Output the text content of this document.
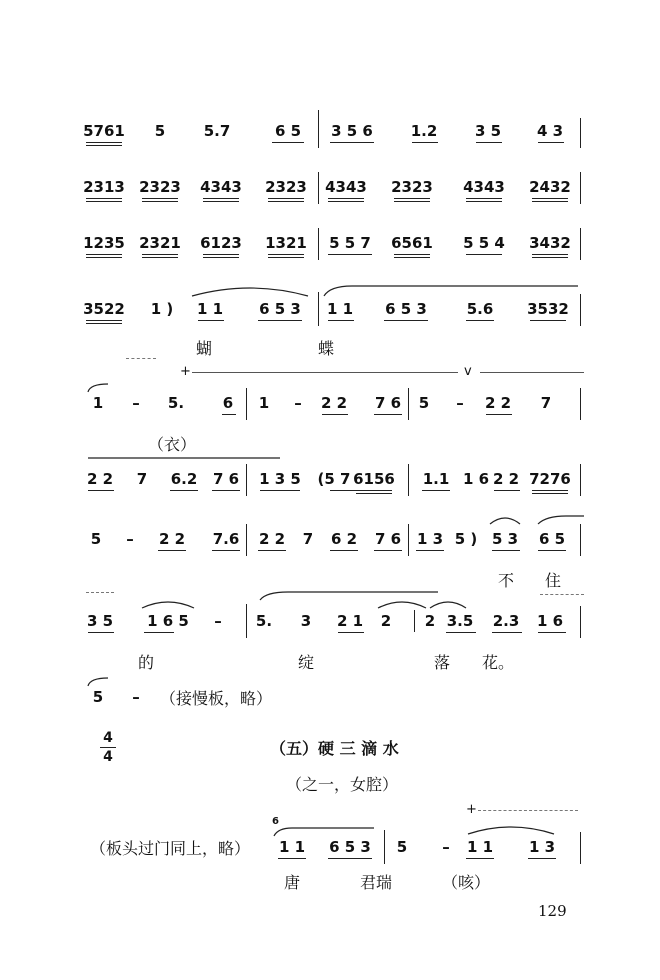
5761 5	5.7	6 5 3 5 6	1.2	3 5 4 3
2313 2323 4343 2323 4343 2323 4343 2432
1235 2321 6123 1321 5 5 7 6561 5 5 4 3432
3522 1 ) 1 1 6 5 3 1 1 6 5 3	5.6 3532
蝴	蝶
+	v
1 – 5.	6 1 – 2 2 7 6 5 – 2 2 7
（衣）
2 2 7 6.2 7 6 1 3 5 (5 7 6156 1.1 1 6 2 2 7276
5 – 2 2 7.6 2 2 7 6 2 7 6 1 3 5 ) 5 3 6 5
不 住
3 5 1 6 5 – 5. 3 2 1 2 2 3.5 2.3 1 6
的	绽	落 花。
5 – （接慢板，略）
4
4	（五）硬 三 滴 水
（之一，女腔）
+
（板头过门同上，略）
6
1 1 6 5 3 5 – 1 1 1 3
唐	君瑞	（咳）
129
